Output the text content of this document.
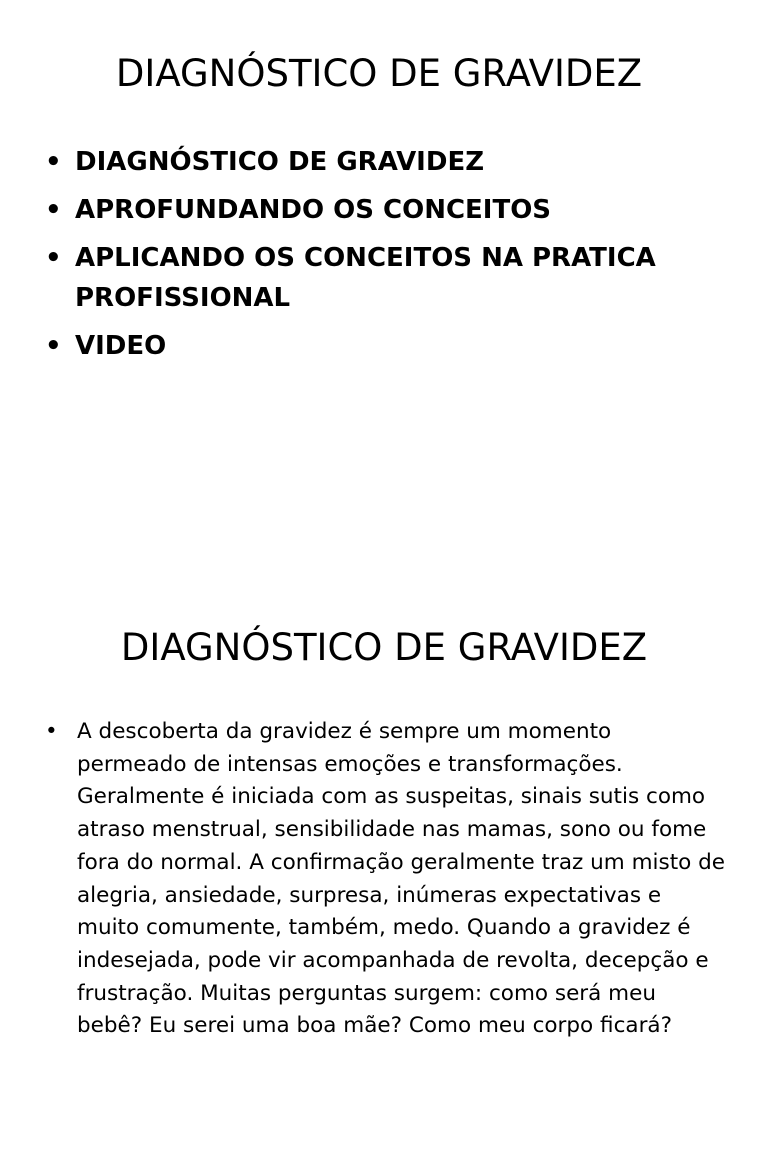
DIAGNÓSTICO DE GRAVIDEZ
• DIAGNÓSTICO DE GRAVIDEZ
• APROFUNDANDO OS CONCEITOS
• APLICANDO OS CONCEITOS NA PRATICA PROFISSIONAL
• VIDEO
DIAGNÓSTICO DE GRAVIDEZ
• A descoberta da gravidez é sempre um momento permeado de intensas emoções e transformações. Geralmente é iniciada com as suspeitas, sinais sutis como atraso menstrual, sensibilidade nas mamas, sono ou fome fora do normal. A confirmação geralmente traz um misto de alegria, ansiedade, surpresa, inúmeras expectativas e muito comumente, também, medo. Quando a gravidez é indesejada, pode vir acompanhada de revolta, decepção e frustração. Muitas perguntas surgem: como será meu bebê? Eu serei uma boa mãe? Como meu corpo ficará?
